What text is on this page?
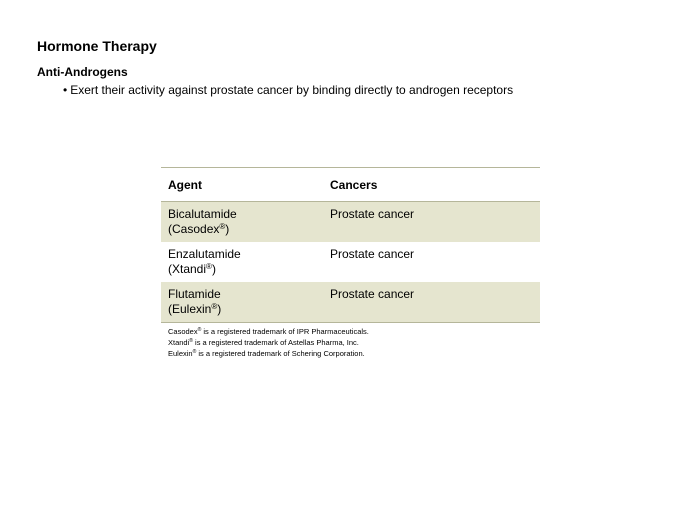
Hormone Therapy
Anti-Androgens
• Exert their activity against prostate cancer by binding directly to androgen receptors
Agent	Cancers
Bicalutamide
(Casodex®)	Prostate cancer
Enzalutamide
(Xtandi®)	Prostate cancer
Flutamide
(Eulexin®)	Prostate cancer
Casodex® is a registered trademark of IPR Pharmaceuticals.
Xtandi® is a registered trademark of Astellas Pharma, Inc.
Eulexin® is a registered trademark of Schering Corporation.
